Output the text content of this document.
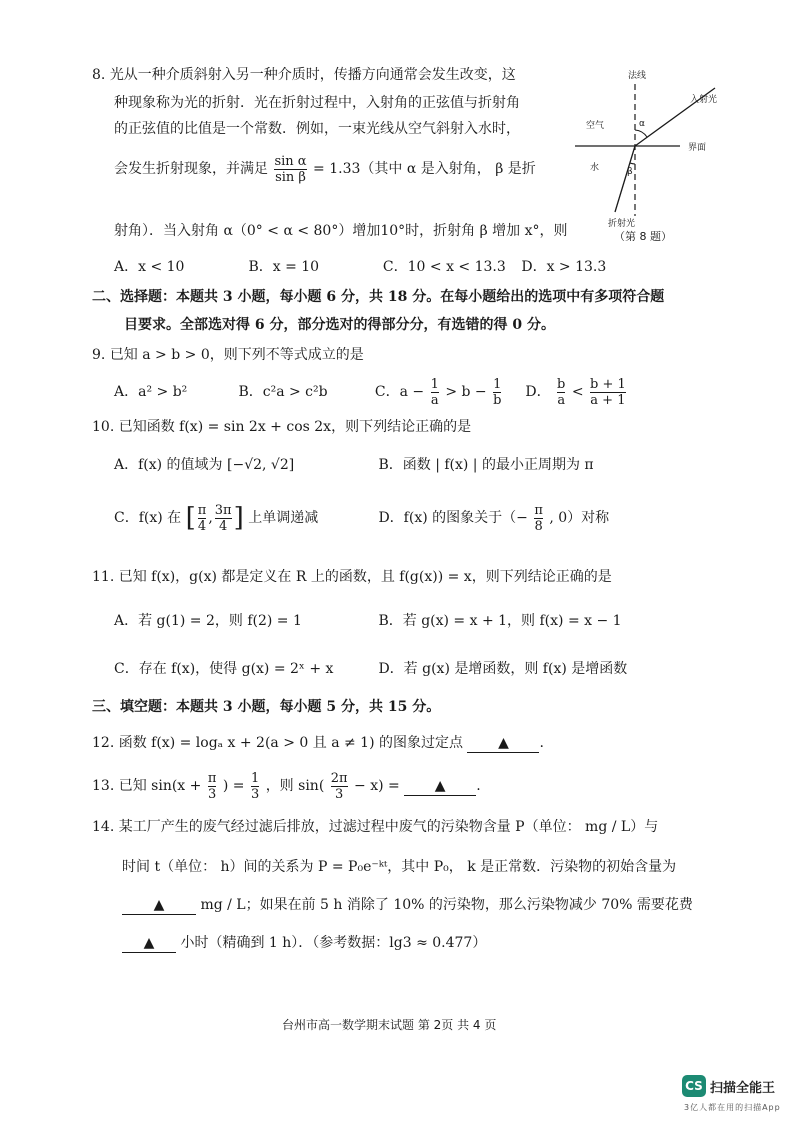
8. 光从一种介质斜射入另一种介质时，传播方向通常会发生改变，这
种现象称为光的折射．光在折射过程中，入射角的正弦值与折射角
的正弦值的比值是一个常数．例如，一束光线从空气斜射入水时，
会发生折射现象，并满足 $\frac{\text{sin α}}{\text{sin β}} = 1.33$（其中 α 是入射角， β 是折
射角）．当入射角 α（0° < α < 80°）增加10°时，折射角 β 增加 x°，则
A．x < 10	B．x = 10	C．10 < x < 13.3 D．x > 13.3
法线
入射光
空气	α
界面
水	β
折射光
（第 8 题）
二、选择题：本题共 3 小题，每小题 6 分，共 18 分。在每小题给出的选项中有多项符合题
目要求。全部选对得 6 分，部分选对的得部分分，有选错的得 0 分。
9. 已知 a > b > 0，则下列不等式成立的是
A．a² > b²	B．c²a > c²b	C．$a - \frac{1}{a} > b - \frac{1}{b}$ D． $\frac{b}{a} < \frac{b + 1}{a + 1}$
10. 已知函数 f(x) = sin 2x + cos 2x，则下列结论正确的是
A．f(x) 的值域为 [−√2, √2]	B．函数 | f(x) | 的最小正周期为 π
C．f(x) 在 [ $\frac{\pi}{4}$ , $\frac{3\pi}{4}$ ] 上单调递减	D．f(x) 的图象关于（− $\frac{\pi}{8}$ , 0）对称
11. 已知 f(x)，g(x) 都是定义在 R 上的函数，且 f(g(x)) = x，则下列结论正确的是
A．若 g(1) = 2，则 f(2) = 1	B．若 g(x) = x + 1，则 f(x) = x − 1
C．存在 f(x)，使得 g(x) = 2ˣ + x	D．若 g(x) 是增函数，则 f(x) 是增函数
三、填空题：本题共 3 小题，每小题 5 分，共 15 分。
12. 函数 f(x) = logₐ x + 2(a > 0 且 a ≠ 1) 的图象过定点	▲ .
13. 已知 $\sin(x + \frac{\pi}{3}$ ) = $\frac{1}{3}$ ，则 $\sin( \frac{2\pi}{3} - x)$ =	▲ .
14. 某工厂产生的废气经过滤后排放，过滤过程中废气的污染物含量 P（单位： mg / L）与
时间 t（单位： h）间的关系为 P = P₀e⁻ᵏᵗ，其中 P₀， k 是正常数．污染物的初始含量为
▲	mg / L；如果在前 5 h 消除了 10% 的污染物，那么污染物减少 70% 需要花费
▲ 小时（精确到 1 h）．（参考数据：lg3 ≈ 0.477）
台州市高一数学期末试题 第 2页 共 4 页
CS 扫描全能王
3亿人都在用的扫描App
